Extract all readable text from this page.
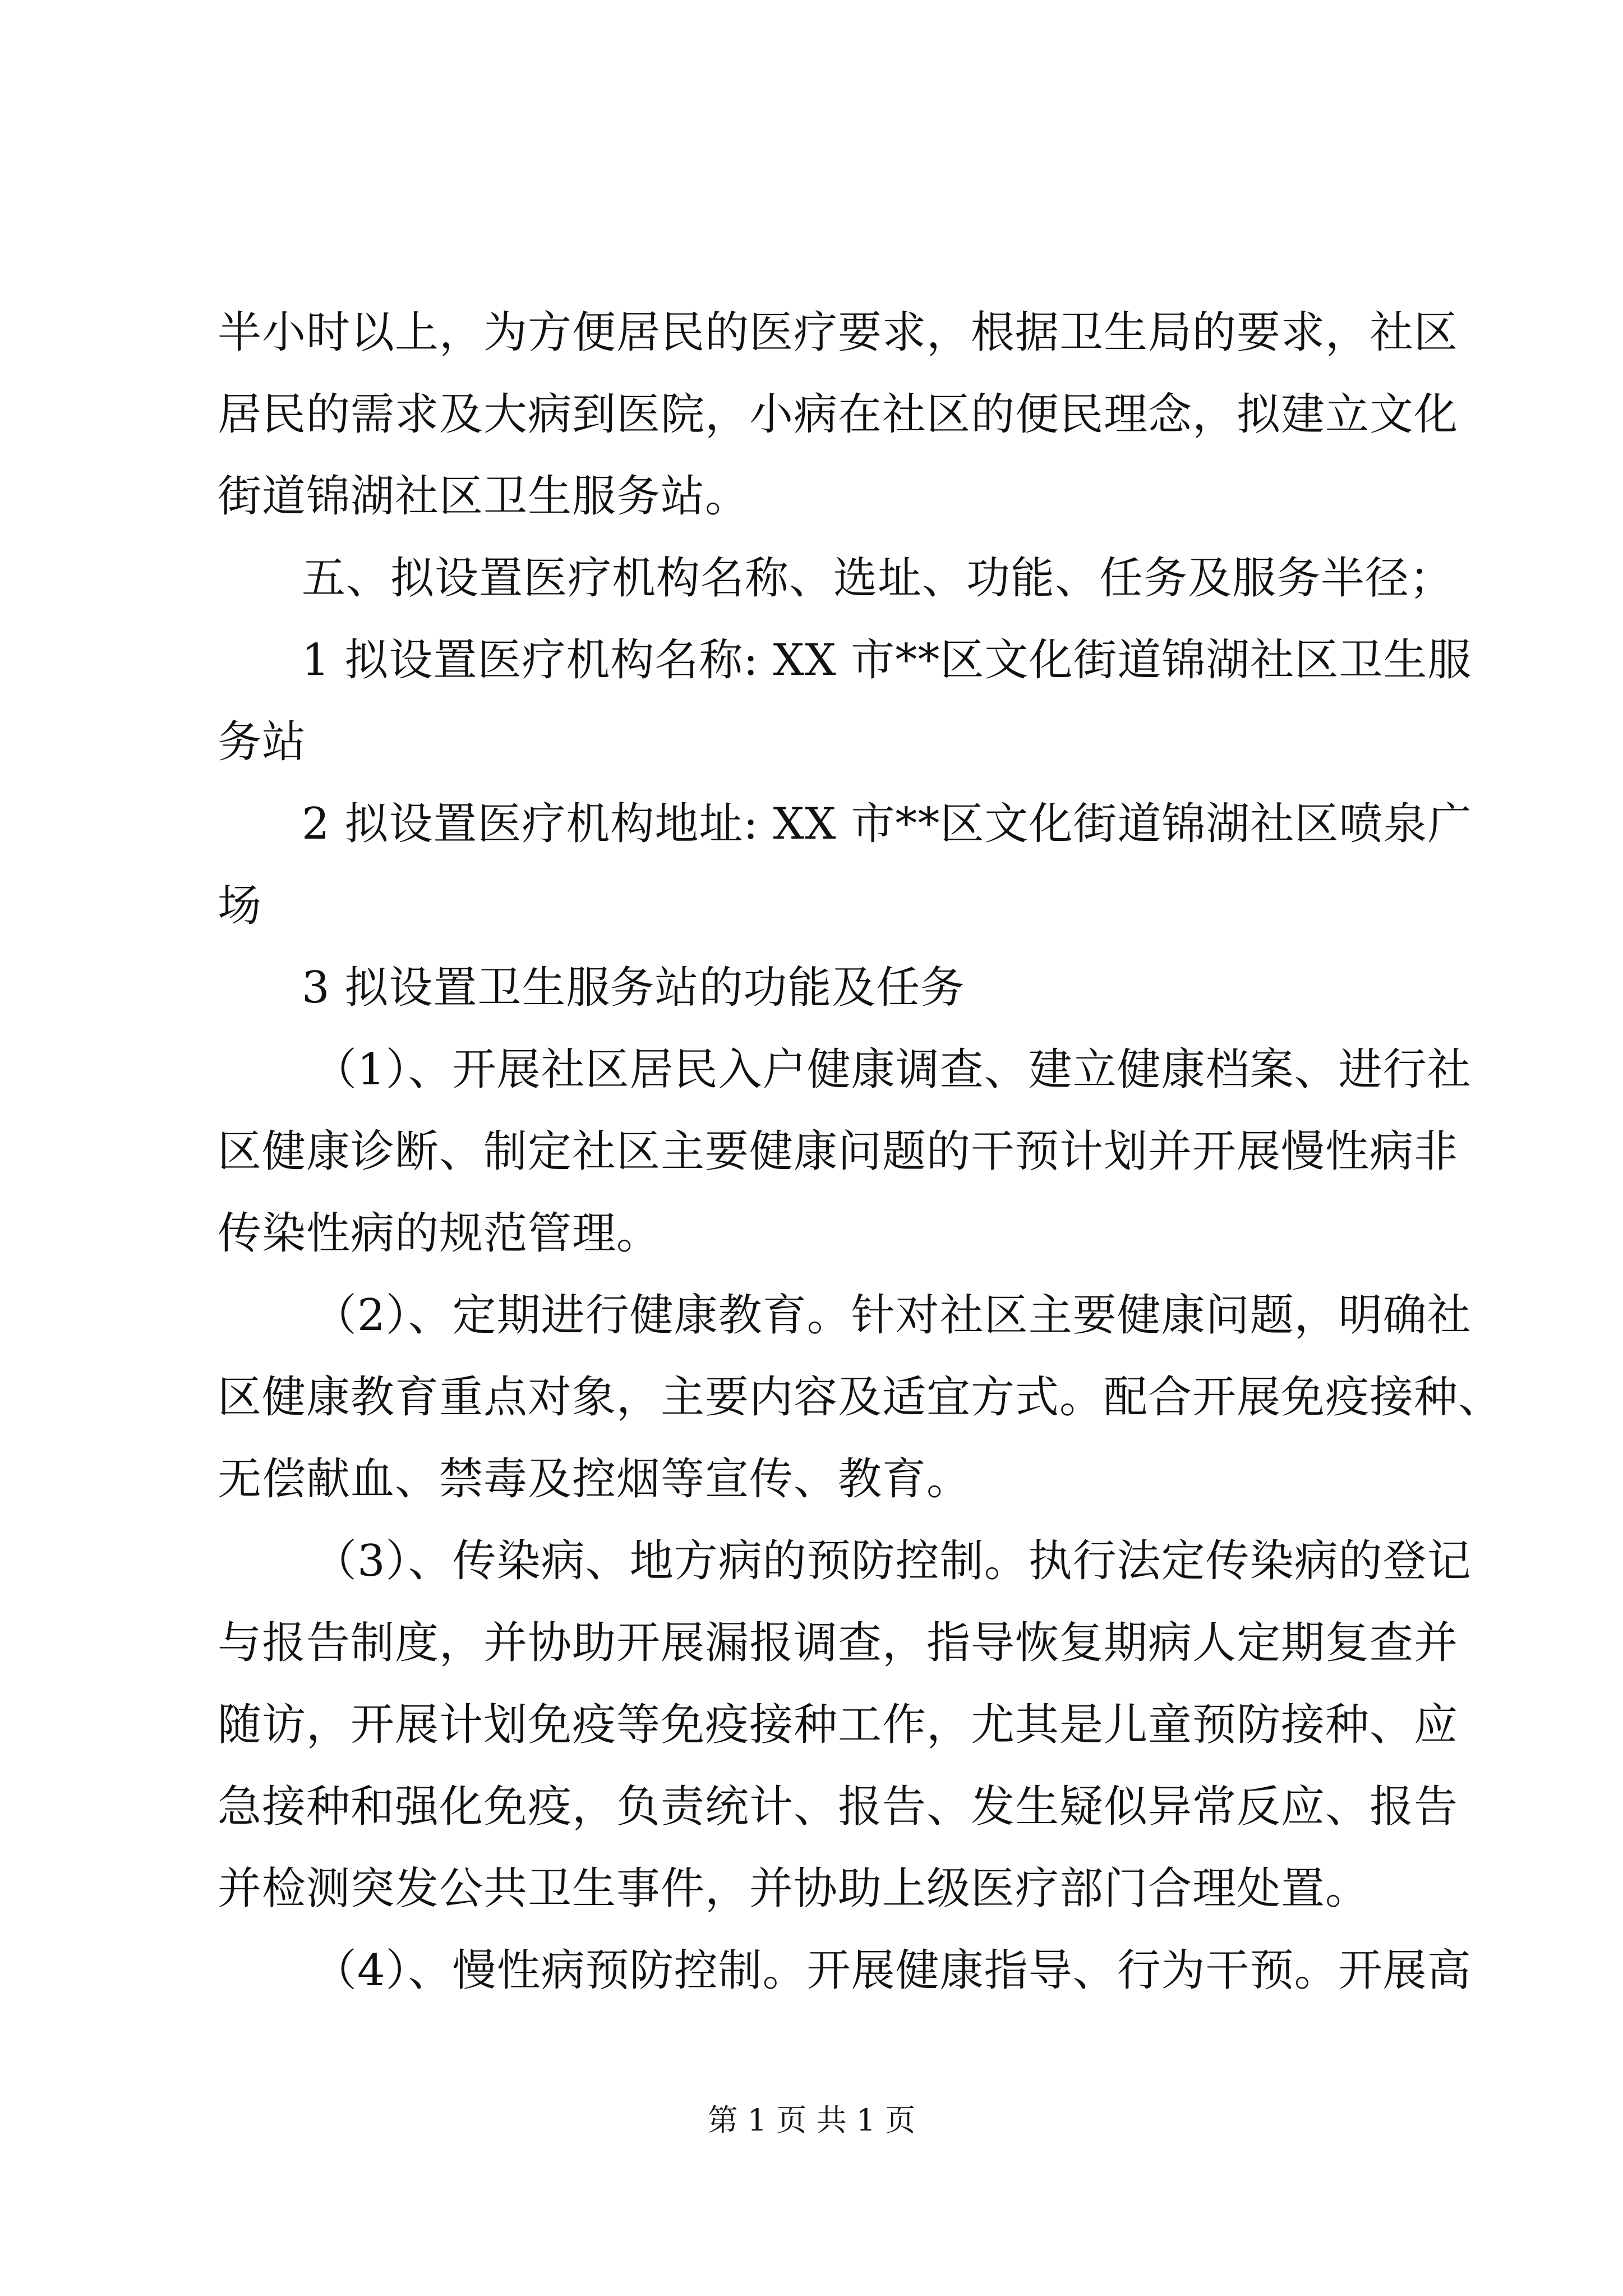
半小时以上，为方便居民的医疗要求，根据卫生局的要求，社区
居民的需求及大病到医院，小病在社区的便民理念，拟建立文化
街道锦湖社区卫生服务站。
五、拟设置医疗机构名称、选址、功能、任务及服务半径；
1 拟设置医疗机构名称: XX 市**区文化街道锦湖社区卫生服
务站
2 拟设置医疗机构地址: XX 市**区文化街道锦湖社区喷泉广
场
3 拟设置卫生服务站的功能及任务
（1）、开展社区居民入户健康调查、建立健康档案、进行社
区健康诊断、制定社区主要健康问题的干预计划并开展慢性病非
传染性病的规范管理。
（2）、定期进行健康教育。针对社区主要健康问题，明确社
区健康教育重点对象，主要内容及适宜方式。配合开展免疫接种、
无偿献血、禁毒及控烟等宣传、教育。
（3）、传染病、地方病的预防控制。执行法定传染病的登记
与报告制度，并协助开展漏报调查，指导恢复期病人定期复查并
随访，开展计划免疫等免疫接种工作，尤其是儿童预防接种、应
急接种和强化免疫，负责统计、报告、发生疑似异常反应、报告
并检测突发公共卫生事件，并协助上级医疗部门合理处置。
（4）、慢性病预防控制。开展健康指导、行为干预。开展高
第 1 页 共 1 页
